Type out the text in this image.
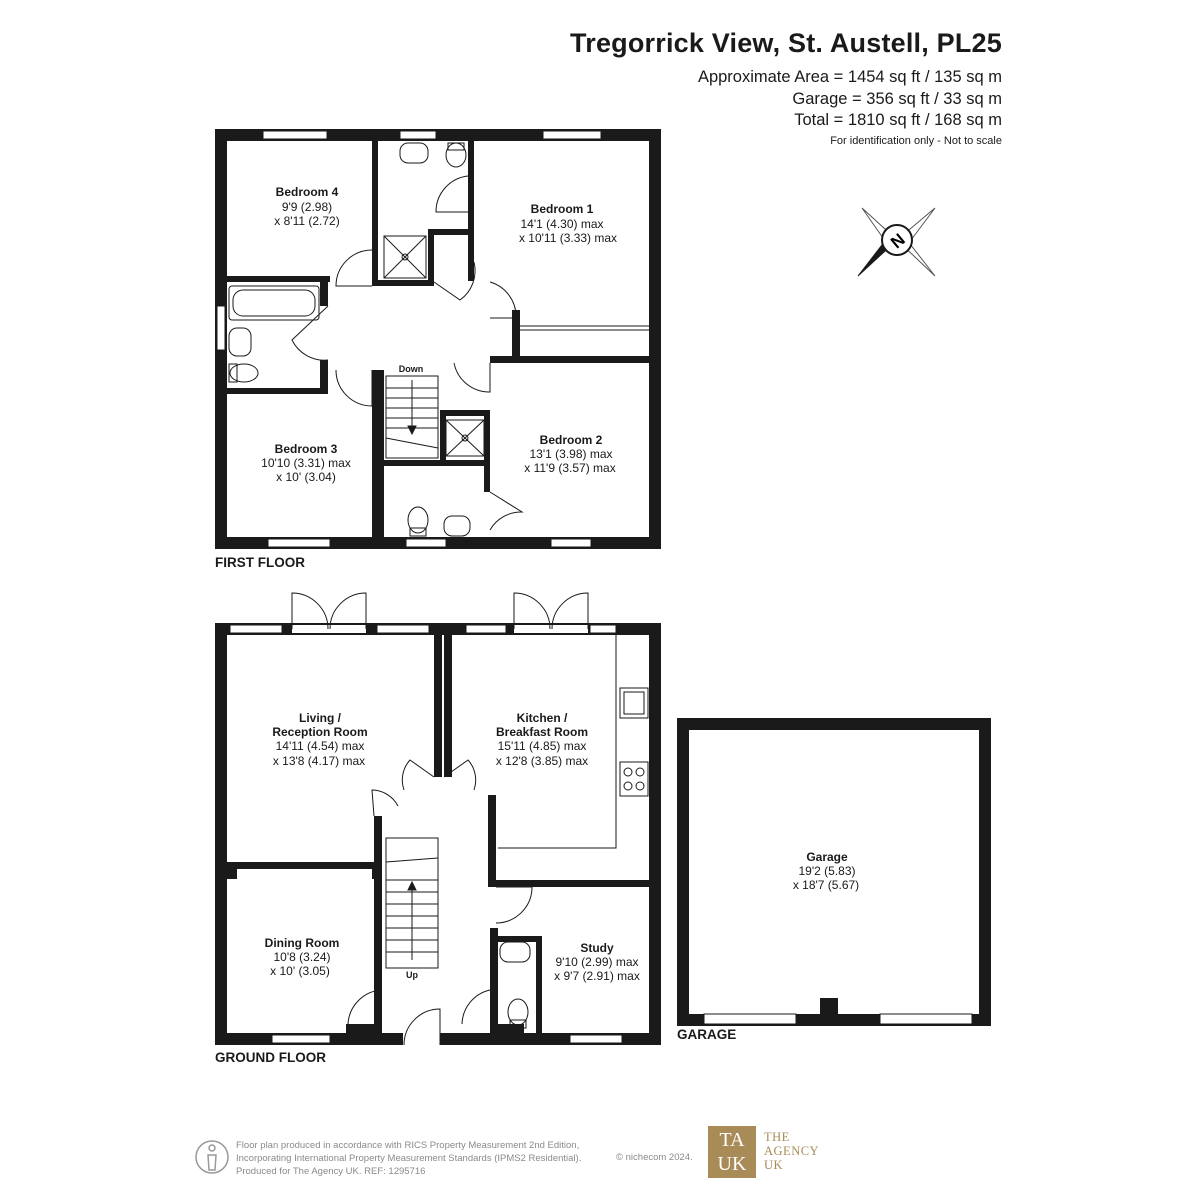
Tregorrick View, St. Austell, PL25
Approximate Area = 1454 sq ft / 135 sq m
Garage = 356 sq ft / 33 sq m
Total = 1810 sq ft / 168 sq m
For identification only - Not to scale
N
Bedroom 4
9'9 (2.98)
x 8'11 (2.72)
Bedroom 1
14'1 (4.30) max
x 10'11 (3.33) max
Bedroom 3
10'10 (3.31) max
x 10' (3.04)
Bedroom 2
13'1 (3.98) max
x 11'9 (3.57) max
Down
Living /
Reception Room
14'11 (4.54) max
x 13'8 (4.17) max
Kitchen /
Breakfast Room
15'11 (4.85) max
x 12'8 (3.85) max
Dining Room
10'8 (3.24)
x 10' (3.05)
Study
9'10 (2.99) max
x 9'7 (2.91) max
Up
Garage
19'2 (5.83)
x 18'7 (5.67)
FIRST FLOOR
GROUND FLOOR
GARAGE
Floor plan produced in accordance with RICS Property Measurement 2nd Edition,
Incorporating International Property Measurement Standards (IPMS2 Residential).
Produced for The Agency UK. REF: 1295716
© nichecom 2024.
TA
UK
THE
AGENCY
UK
